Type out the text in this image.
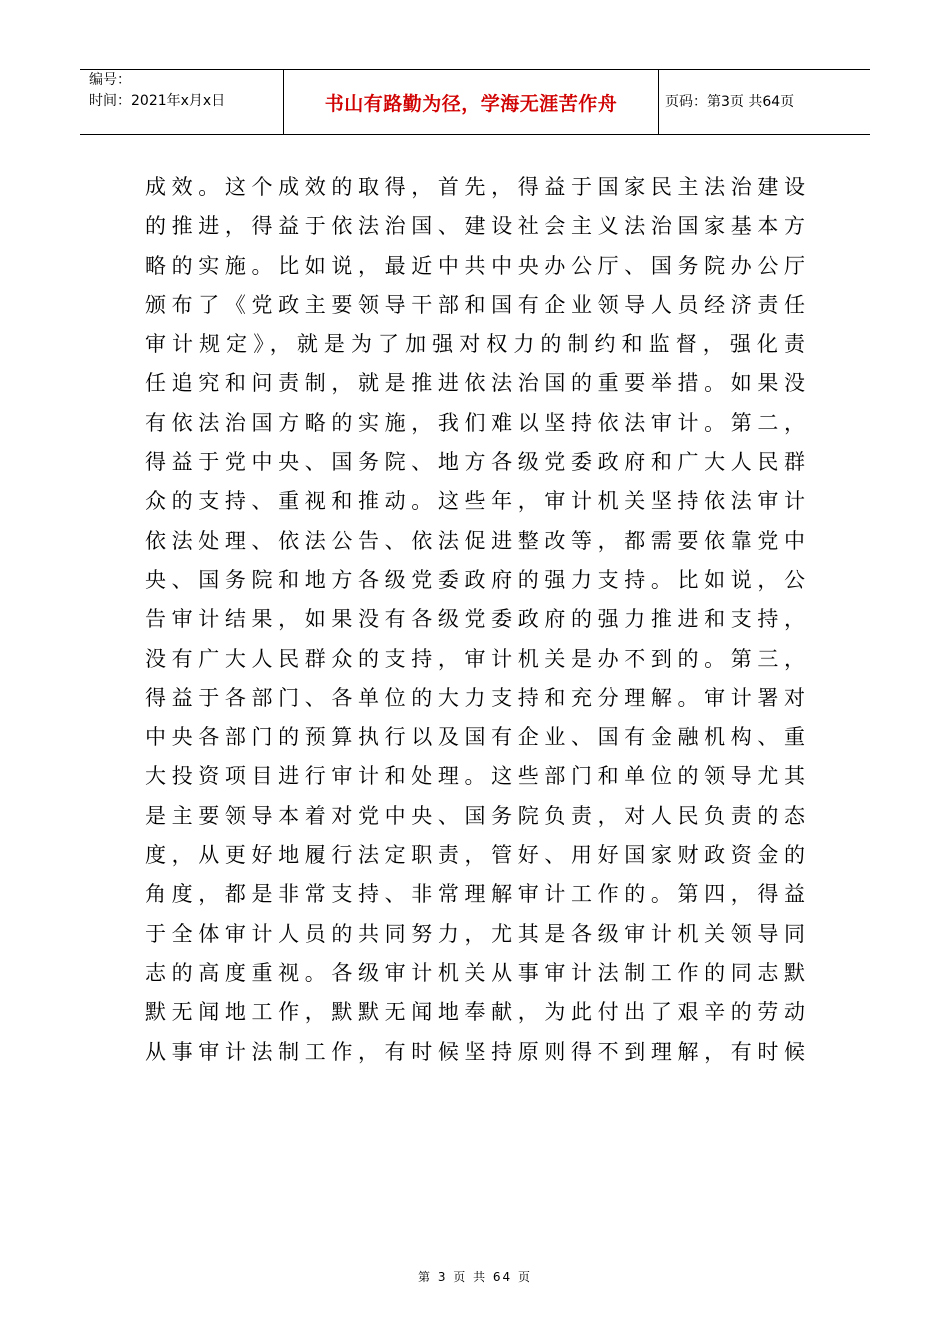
编号：
时间：2021年x月x日	书山有路勤为径，学海无涯苦作舟	页码：第3页 共64页
成效。这个成效的取得，首先，得益于国家民主法治建设
的推进，得益于依法治国、建设社会主义法治国家基本方
略的实施。比如说，最近中共中央办公厅、国务院办公厅
颁布了《党政主要领导干部和国有企业领导人员经济责任
审计规定》，就是为了加强对权力的制约和监督，强化责
任追究和问责制，就是推进依法治国的重要举措。如果没
有依法治国方略的实施，我们难以坚持依法审计。第二，
得益于党中央、国务院、地方各级党委政府和广大人民群
众的支持、重视和推动。这些年，审计机关坚持依法审计
依法处理、依法公告、依法促进整改等，都需要依靠党中
央、国务院和地方各级党委政府的强力支持。比如说，公
告审计结果，如果没有各级党委政府的强力推进和支持，
没有广大人民群众的支持，审计机关是办不到的。第三，
得益于各部门、各单位的大力支持和充分理解。审计署对
中央各部门的预算执行以及国有企业、国有金融机构、重
大投资项目进行审计和处理。这些部门和单位的领导尤其
是主要领导本着对党中央、国务院负责，对人民负责的态
度，从更好地履行法定职责，管好、用好国家财政资金的
角度，都是非常支持、非常理解审计工作的。第四，得益
于全体审计人员的共同努力，尤其是各级审计机关领导同
志的高度重视。各级审计机关从事审计法制工作的同志默
默无闻地工作，默默无闻地奉献，为此付出了艰辛的劳动
从事审计法制工作，有时候坚持原则得不到理解，有时候
第 3 页 共 64 页
